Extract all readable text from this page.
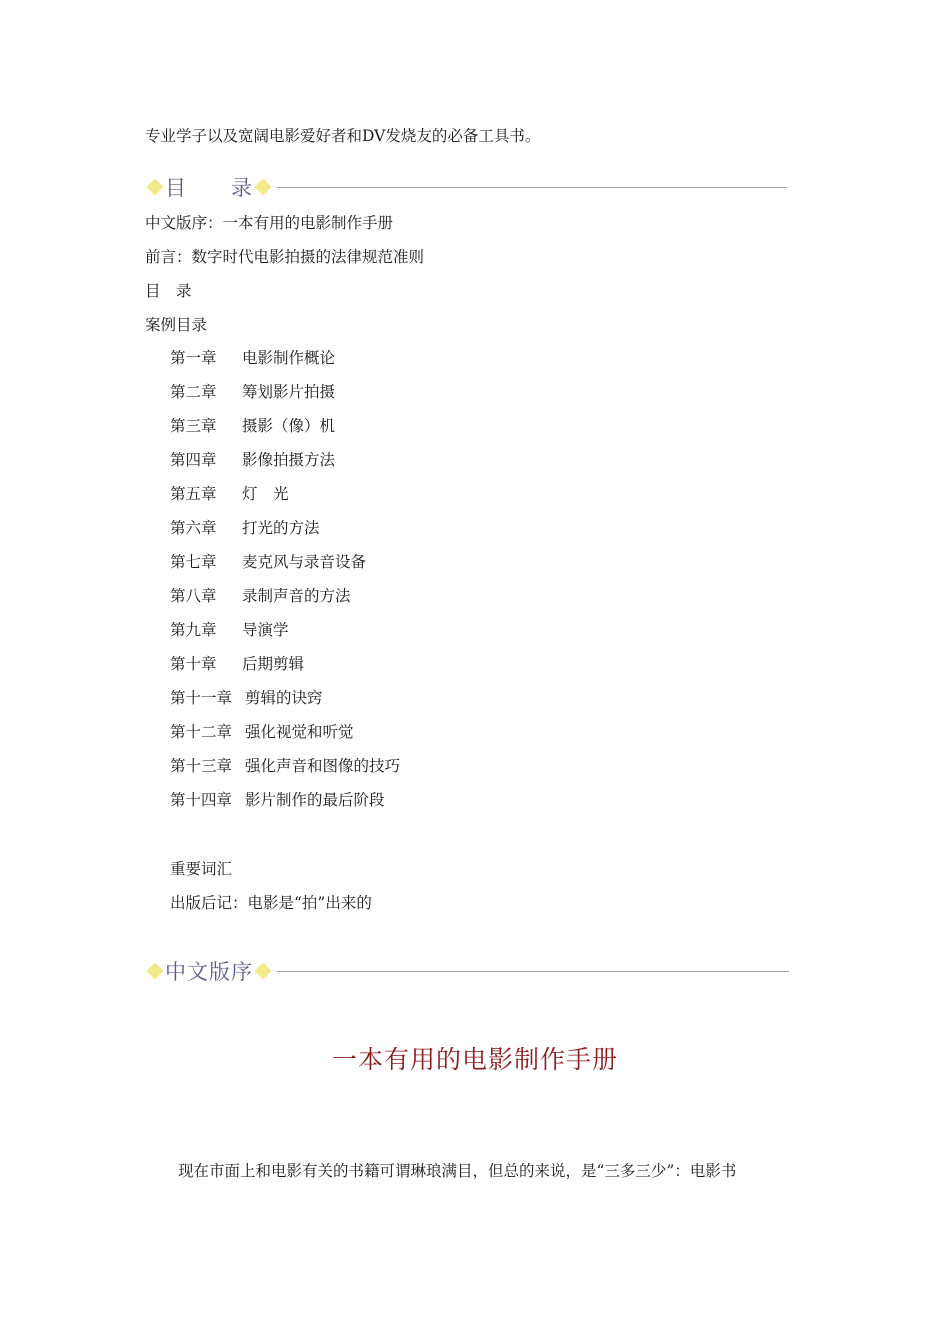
专业学子以及宽阔电影爱好者和DV发烧友的必备工具书。
目　　录
中文版序：一本有用的电影制作手册
前言：数字时代电影拍摄的法律规范准则
目　录
案例目录
第一章 电影制作概论
第二章 筹划影片拍摄
第三章 摄影（像）机
第四章 影像拍摄方法
第五章 灯　光
第六章 打光的方法
第七章 麦克风与录音设备
第八章 录制声音的方法
第九章 导演学
第十章 后期剪辑
第十一章 剪辑的诀窍
第十二章 强化视觉和听觉
第十三章 强化声音和图像的技巧
第十四章 影片制作的最后阶段
重要词汇
出版后记：电影是“拍”出来的
中文版序
一本有用的电影制作手册
现在市面上和电影有关的书籍可谓琳琅满目，但总的来说，是“三多三少”：电影书
